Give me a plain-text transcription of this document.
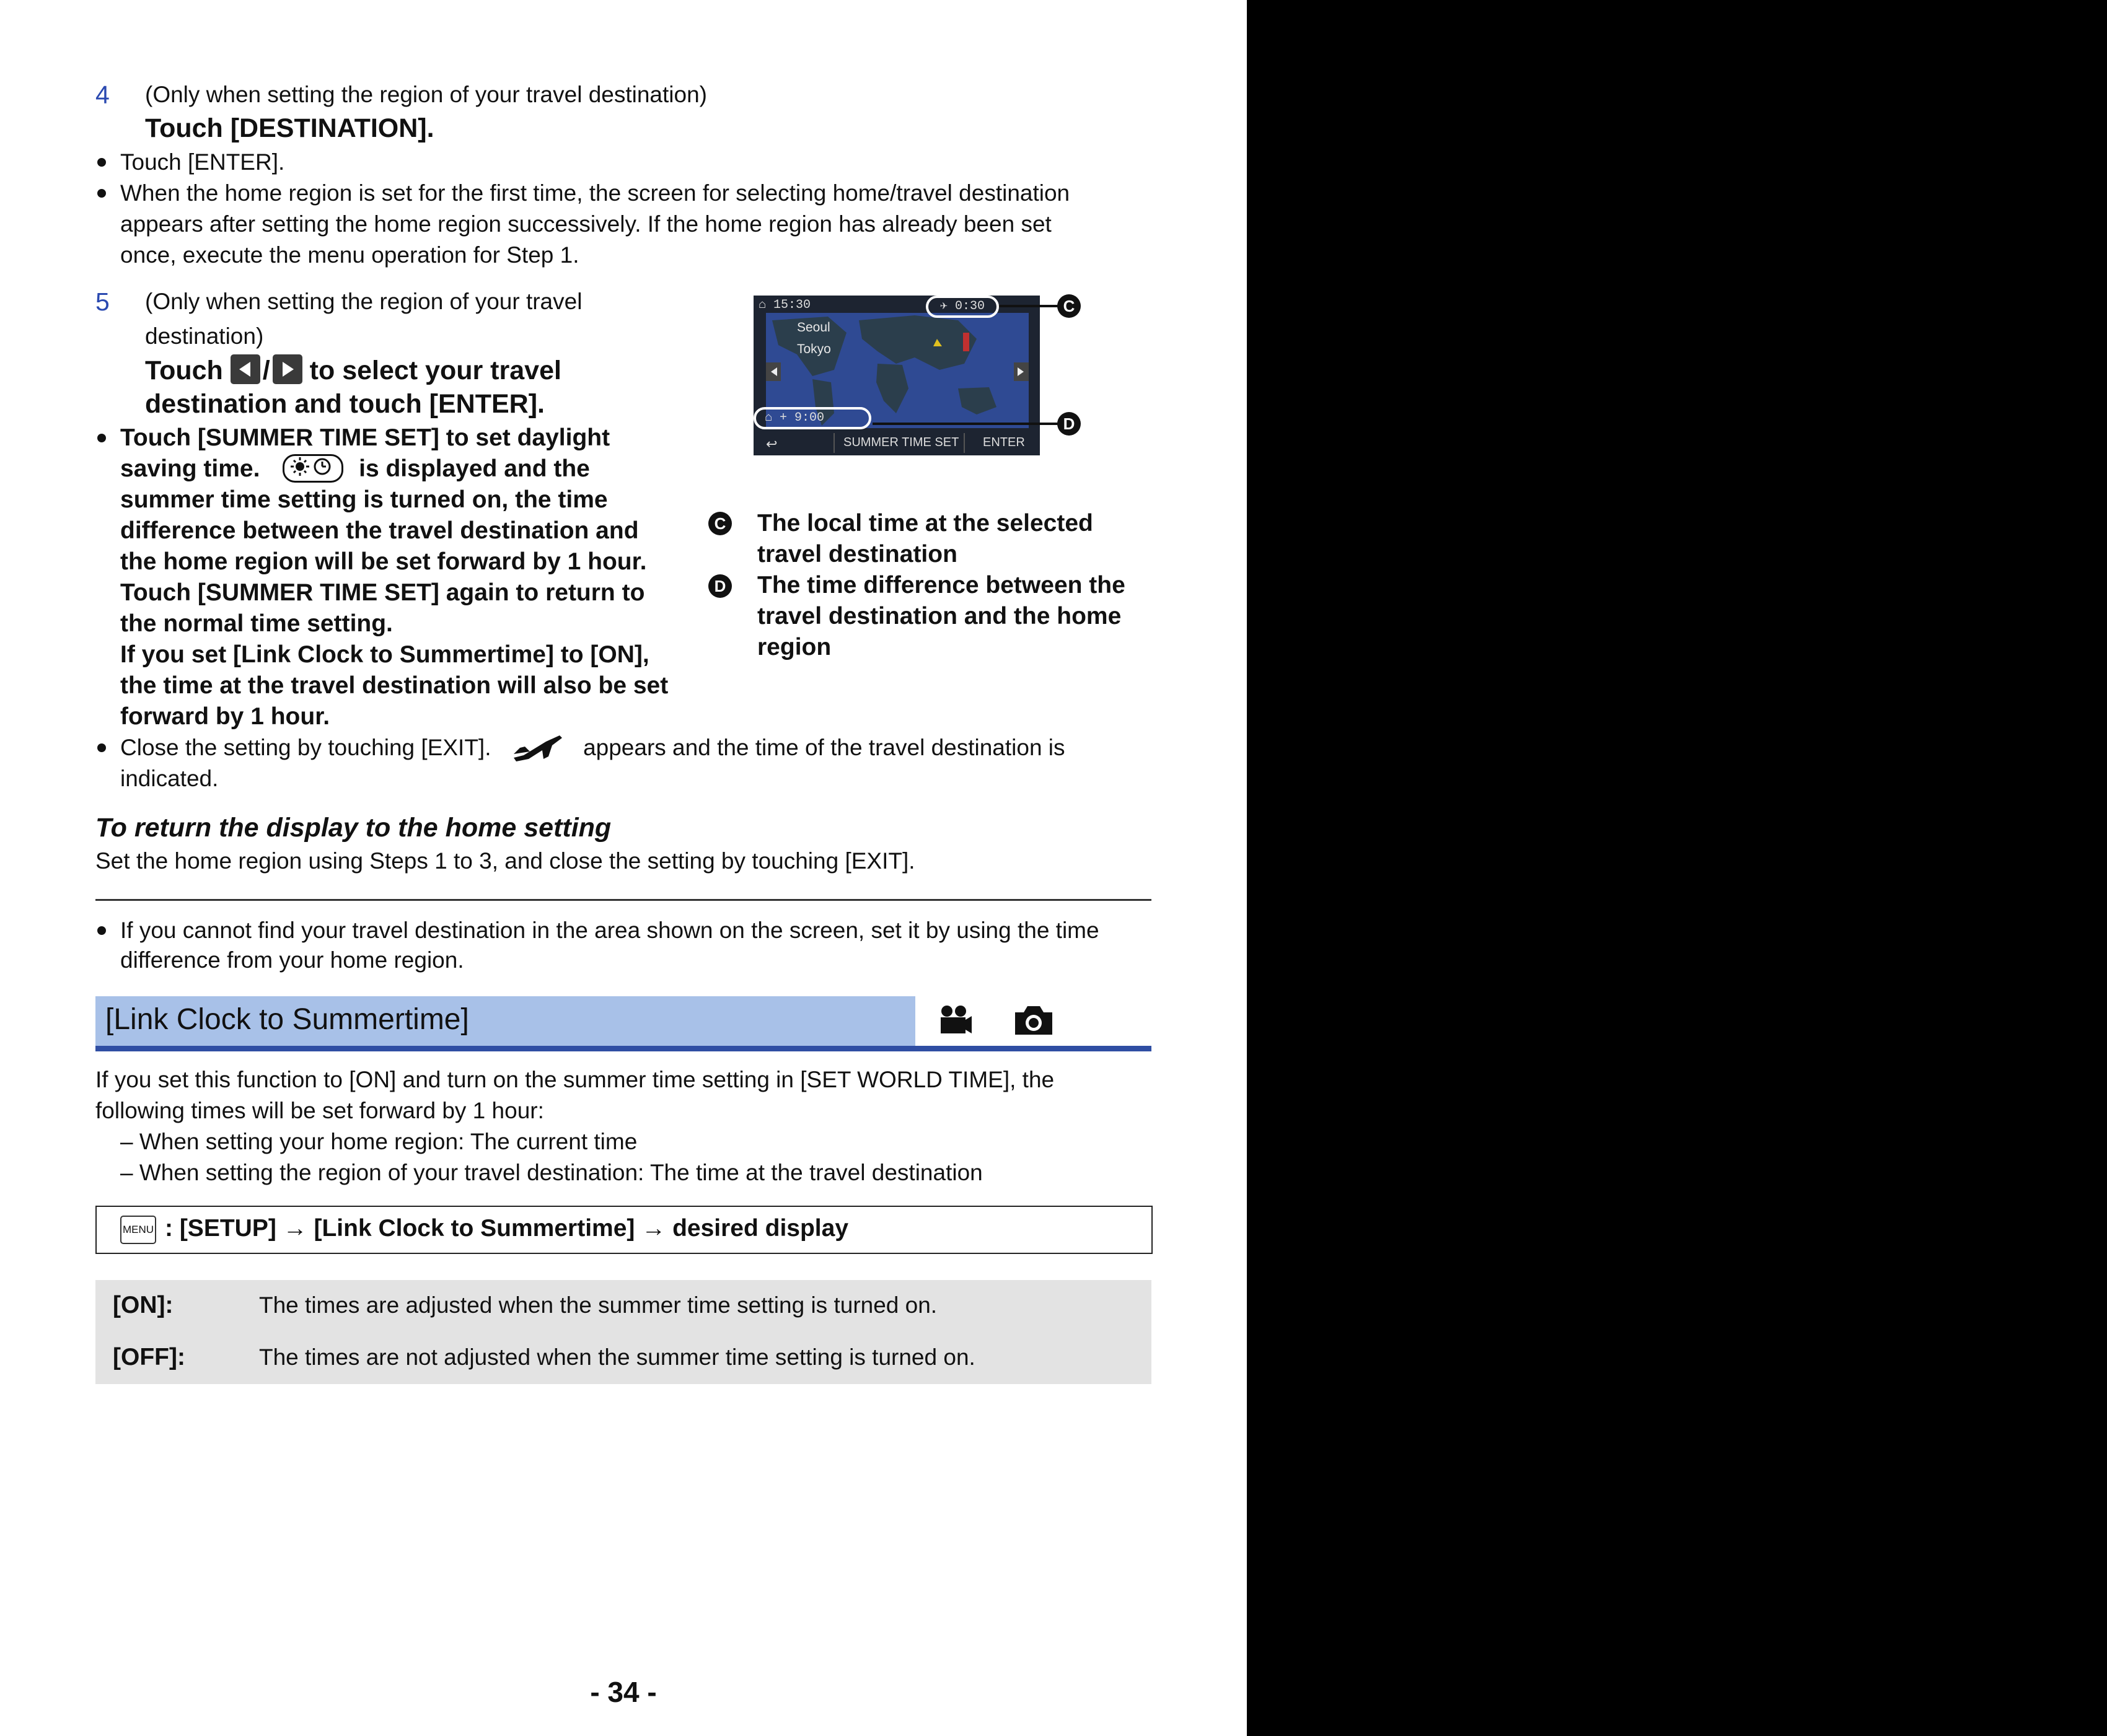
4 (Only when setting the region of your travel destination)
Touch [DESTINATION].
Touch [ENTER].
When the home region is set for the first time, the screen for selecting home/travel destination
appears after setting the home region successively. If the home region has already been set
once, execute the menu operation for Step 1.
5 (Only when setting the region of your travel
destination)
Touch / to select your travel
destination and touch [ENTER].
Touch [SUMMER TIME SET] to set daylight
saving time.	is displayed and the
summer time setting is turned on, the time
difference between the travel destination and
the home region will be set forward by 1 hour.
Touch [SUMMER TIME SET] again to return to
the normal time setting.
If you set [Link Clock to Summertime] to [ON],
the time at the travel destination will also be set
forward by 1 hour.
Close the setting by touching [EXIT].	appears and the time of the travel destination is
indicated.
↩
⌂ 15:30	✈ 0:30
Seoul
Tokyo
⌂ + 9:00
SUMMER TIME SET ENTER
C
D
C The local time at the selected
travel destination
D The time difference between the
travel destination and the home
region
To return the display to the home setting
Set the home region using Steps 1 to 3, and close the setting by touching [EXIT].
If you cannot find your travel destination in the area shown on the screen, set it by using the time
difference from your home region.
[Link Clock to Summertime]
If you set this function to [ON] and turn on the summer time setting in [SET WORLD TIME], the
following times will be set forward by 1 hour:
– When setting your home region: The current time
– When setting the region of your travel destination: The time at the travel destination
MENU : [SETUP] → [Link Clock to Summertime] → desired display
[ON]:	The times are adjusted when the summer time setting is turned on.
[OFF]:	The times are not adjusted when the summer time setting is turned on.
- 34 -
